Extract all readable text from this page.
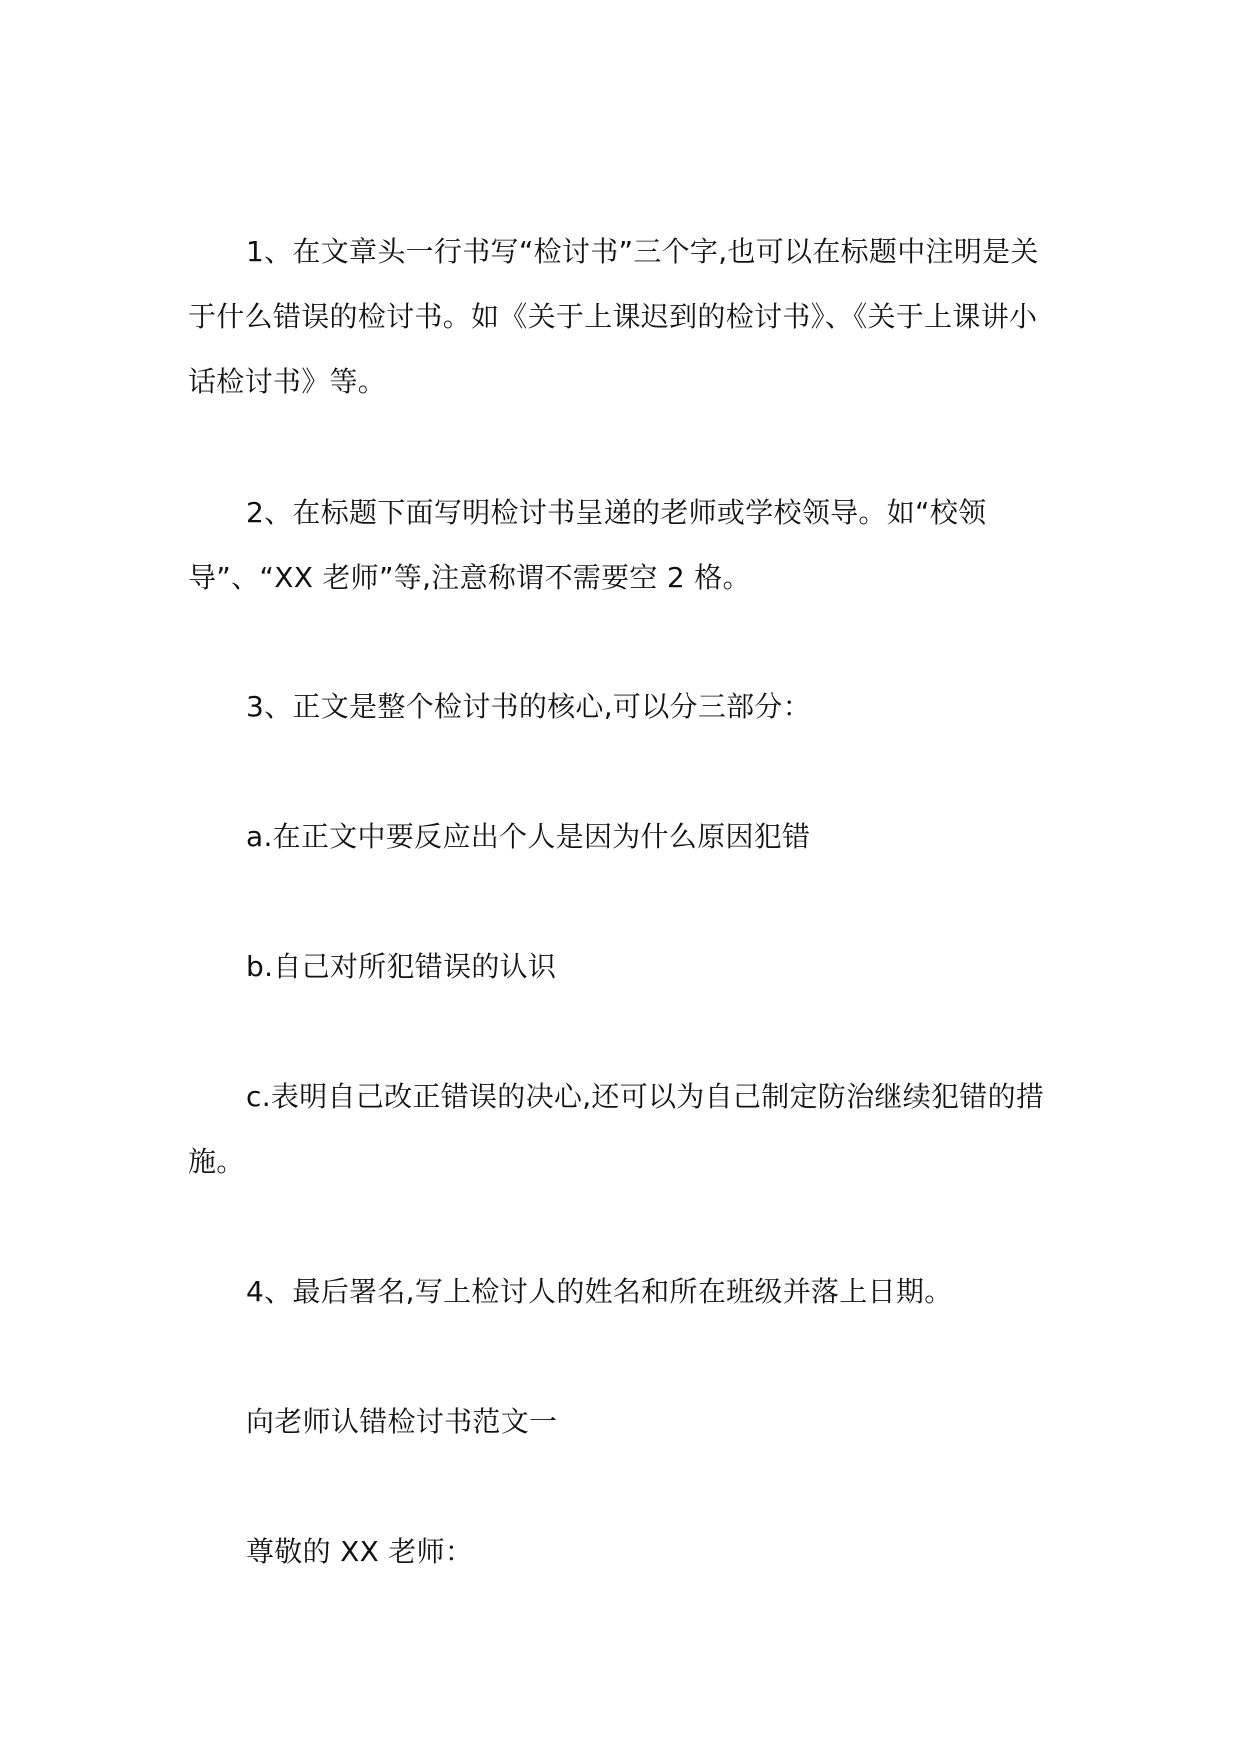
1、在文章头一行书写“检讨书”三个字,也可以在标题中注明是关于什么错误的检讨书。如《关于上课迟到的检讨书》、《关于上课讲小话检讨书》等。

2、在标题下面写明检讨书呈递的老师或学校领导。如“校领导”、“XX 老师”等,注意称谓不需要空 2 格。

3、正文是整个检讨书的核心,可以分三部分：

a.在正文中要反应出个人是因为什么原因犯错

b.自己对所犯错误的认识

c.表明自己改正错误的决心,还可以为自己制定防治继续犯错的措施。

4、最后署名,写上检讨人的姓名和所在班级并落上日期。

向老师认错检讨书范文一

尊敬的 XX 老师：
